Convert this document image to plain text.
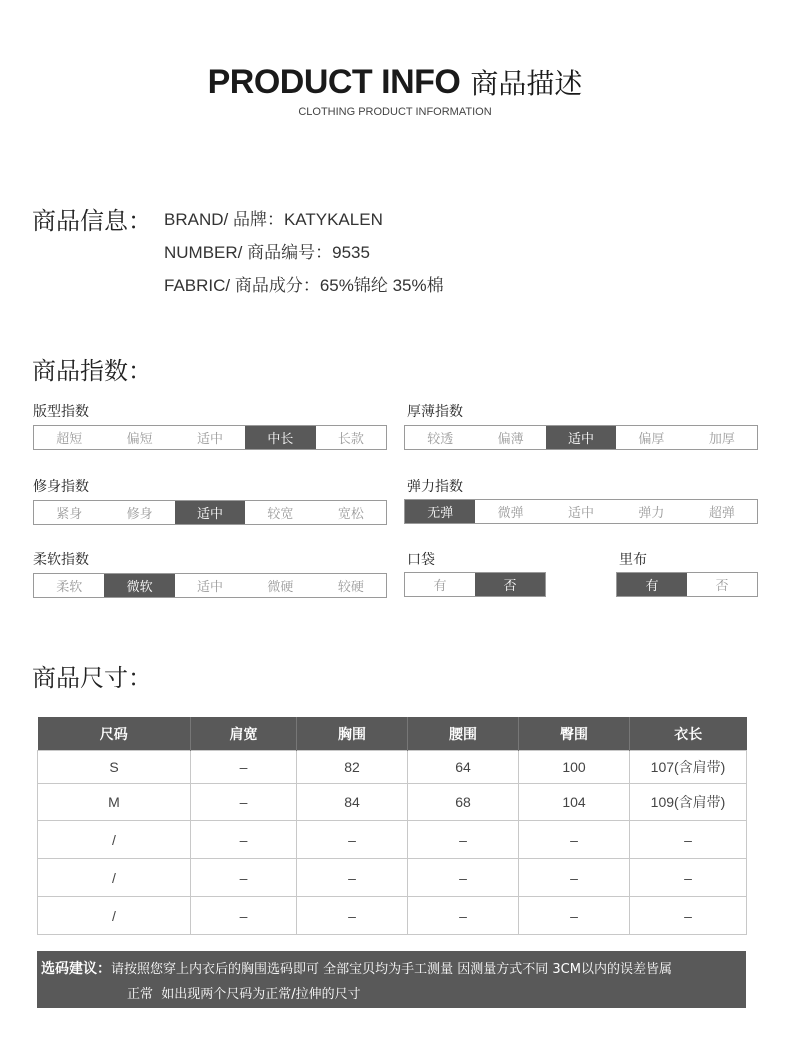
PRODUCT INFO 商品描述
CLOTHING PRODUCT INFORMATION
商品信息： BRAND/ 品牌：KATYKALEN
NUMBER/ 商品编号：9535
FABRIC/ 商品成分：65%锦纶 35%棉
商品指数：
版型指数
超短	偏短	适中	中长	长款
厚薄指数
较透	偏薄	适中	偏厚	加厚
修身指数
紧身	修身	适中	较宽	宽松
弹力指数
无弹	微弹	适中	弹力	超弹
柔软指数
柔软	微软	适中	微硬	较硬
口袋
有	否
里布
有	否
商品尺寸：
尺码	肩宽	胸围	腰围	臀围	衣长
S	–	82	64	100	107(含肩带)
M	–	84	68	104	109(含肩带)
/	–	–	–	–	–
/	–	–	–	–	–
/	–	–	–	–	–
选码建议：请按照您穿上内衣后的胸围选码即可 全部宝贝均为手工测量 因测量方式不同 3CM以内的误差皆属
正常  如出现两个尺码为正常/拉伸的尺寸
